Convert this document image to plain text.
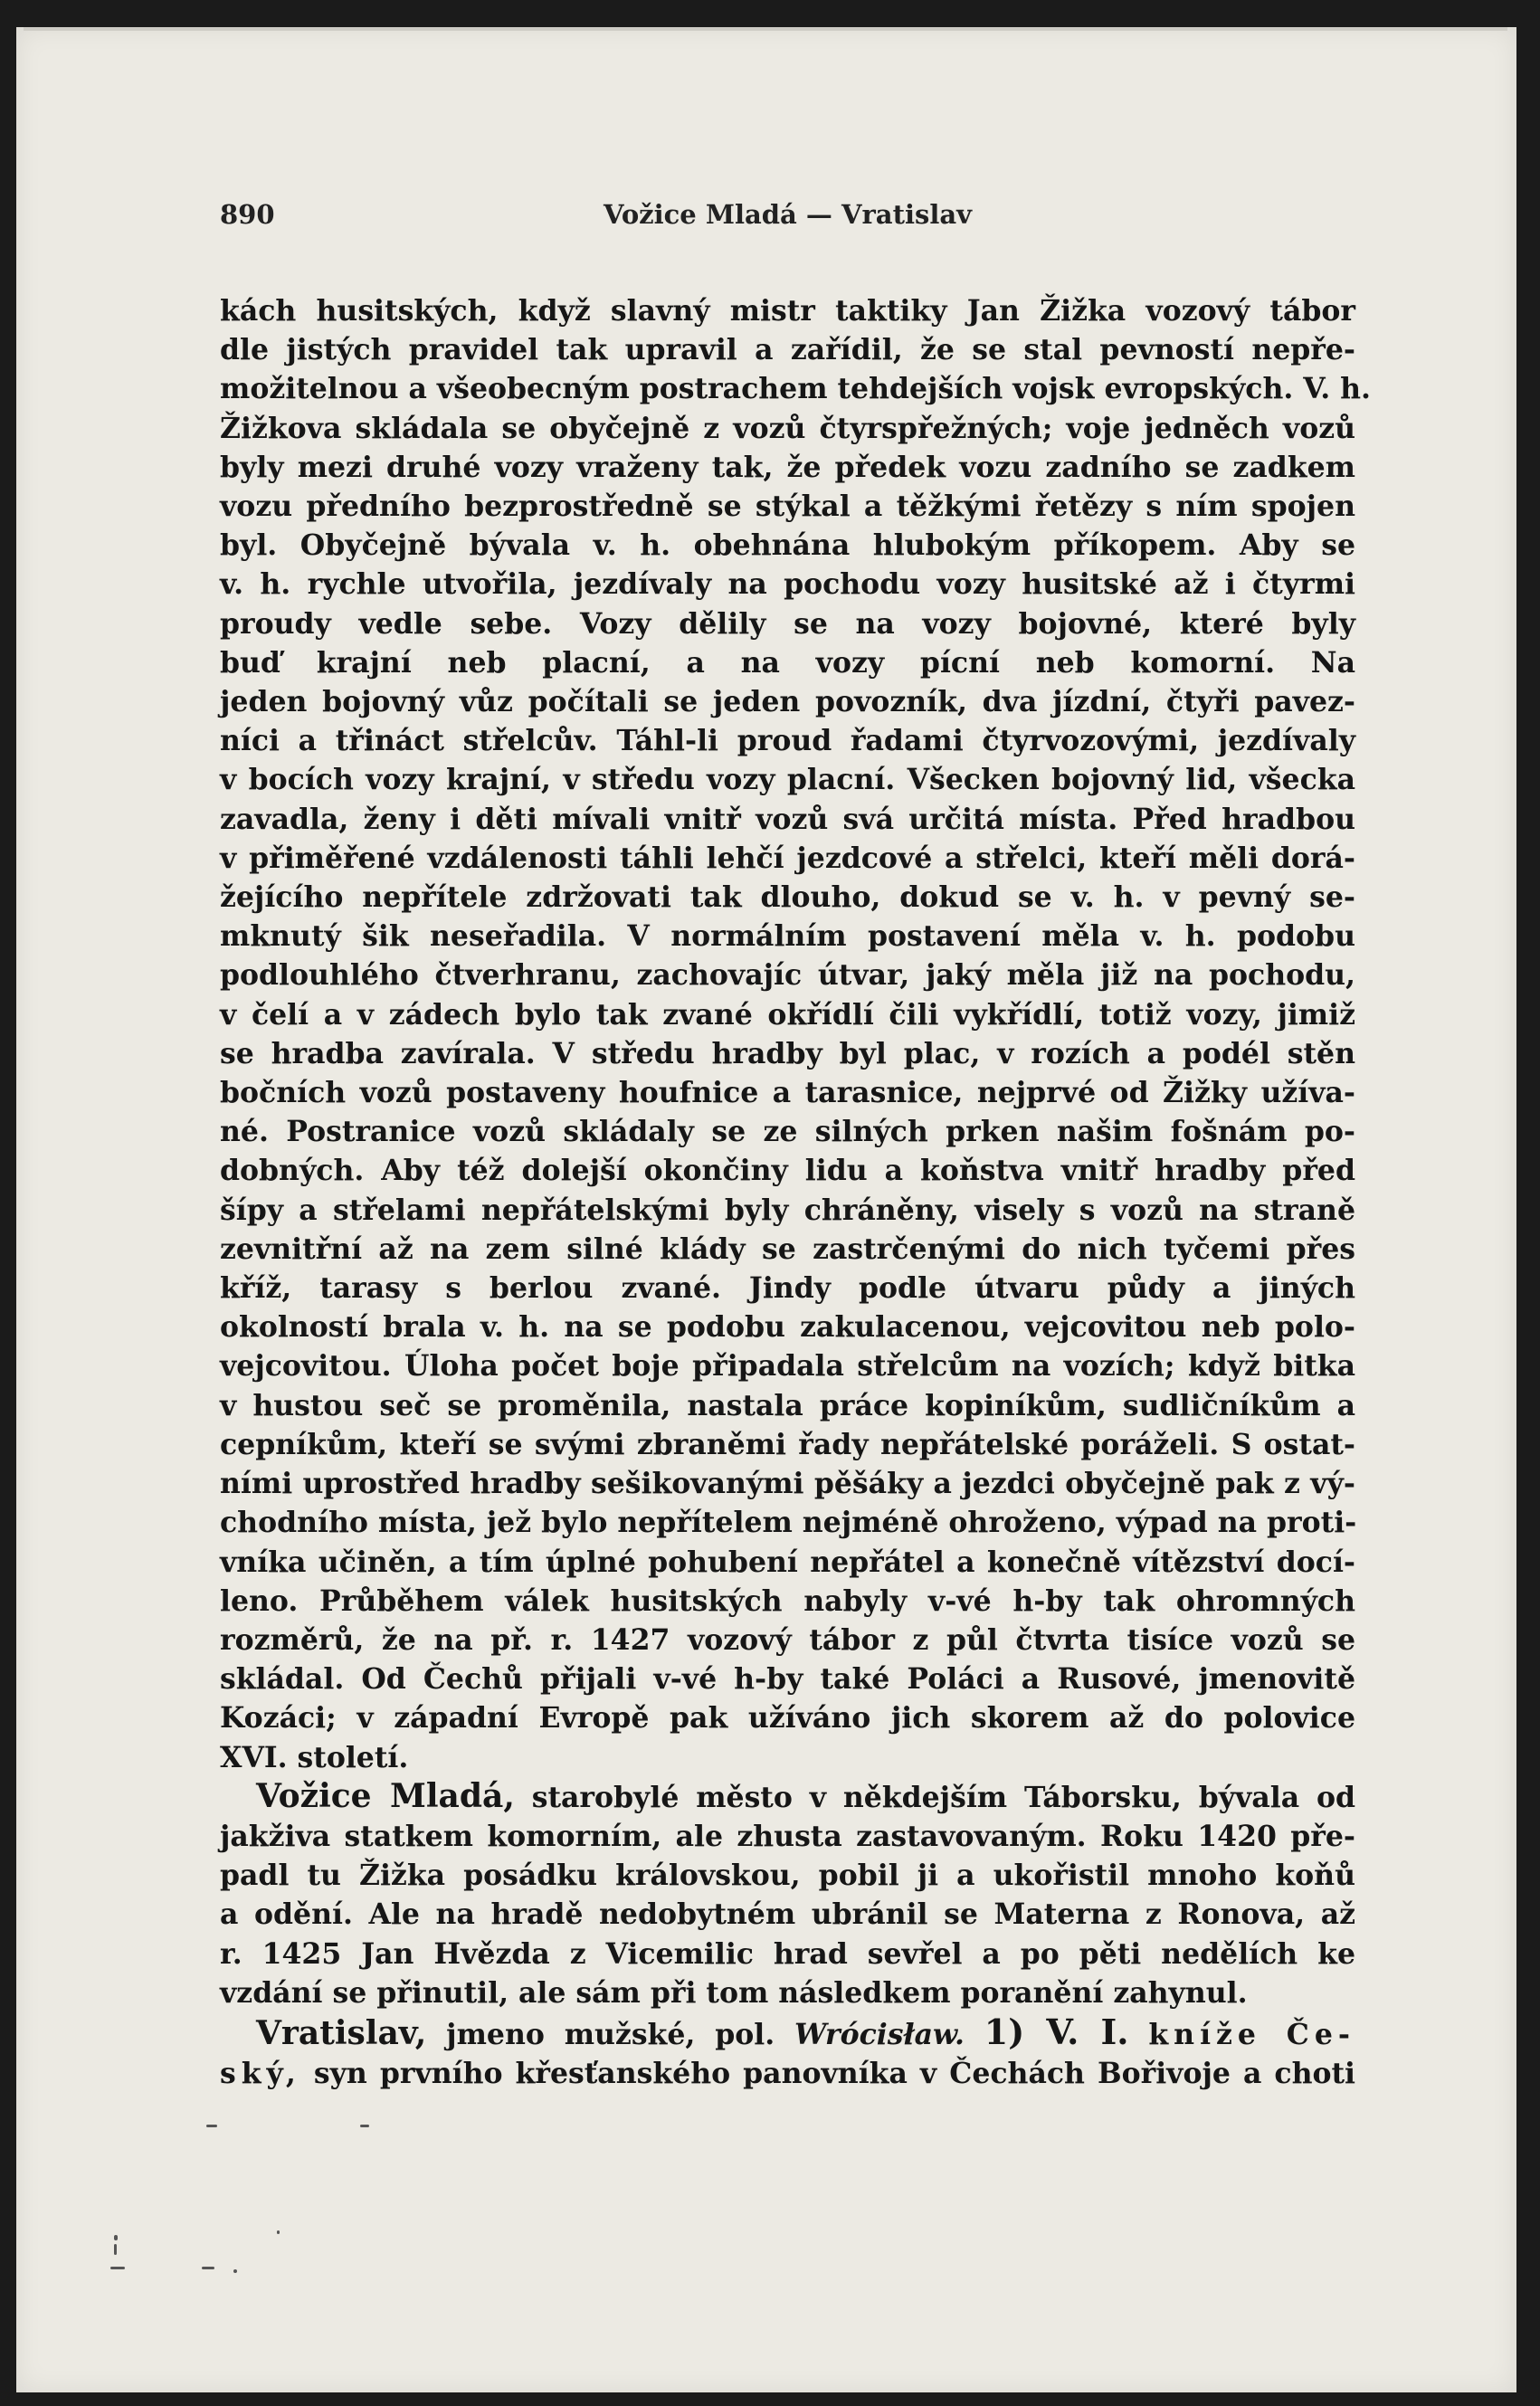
890	Vožice Mladá — Vratislav

kách husitských, když slavný mistr taktiky Jan Žižka vozový tábor
dle jistých pravidel tak upravil a zařídil, že se stal pevností nepře-
možitelnou a všeobecným postrachem tehdejších vojsk evropských. V. h.
Žižkova skládala se obyčejně z vozů čtyrspřežných; voje jedněch vozů
byly mezi druhé vozy vraženy tak, že předek vozu zadního se zadkem
vozu předního bezprostředně se stýkal a těžkými řetězy s ním spojen
byl. Obyčejně bývala v. h. obehnána hlubokým příkopem. Aby se
v. h. rychle utvořila, jezdívaly na pochodu vozy husitské až i čtyrmi
proudy vedle sebe. Vozy dělily se na vozy bojovné, které byly
buď krajní neb placní, a na vozy pícní neb komorní. Na
jeden bojovný vůz počítali se jeden povozník, dva jízdní, čtyři pavez-
níci a třináct střelcův. Táhl-li proud řadami čtyrvozovými, jezdívaly
v bocích vozy krajní, v středu vozy placní. Všecken bojovný lid, všecka
zavadla, ženy i děti mívali vnitř vozů svá určitá místa. Před hradbou
v přiměřené vzdálenosti táhli lehčí jezdcové a střelci, kteří měli dorá-
žejícího nepřítele zdržovati tak dlouho, dokud se v. h. v pevný se-
mknutý šik neseřadila. V normálním postavení měla v. h. podobu
podlouhlého čtverhranu, zachovajíc útvar, jaký měla již na pochodu,
v čelí a v zádech bylo tak zvané okřídlí čili vykřídlí, totiž vozy, jimiž
se hradba zavírala. V středu hradby byl plac, v rozích a podél stěn
bočních vozů postaveny houfnice a tarasnice, nejprvé od Žižky užíva-
né. Postranice vozů skládaly se ze silných prken našim fošnám po-
dobných. Aby též dolejší okončiny lidu a koňstva vnitř hradby před
šípy a střelami nepřátelskými byly chráněny, visely s vozů na straně
zevnitřní až na zem silné klády se zastrčenými do nich tyčemi přes
kříž, tarasy s berlou zvané. Jindy podle útvaru půdy a jiných
okolností brala v. h. na se podobu zakulacenou, vejcovitou neb polo-
vejcovitou. Úloha počet boje připadala střelcům na vozích; když bitka
v hustou seč se proměnila, nastala práce kopiníkům, sudličníkům a
cepníkům, kteří se svými zbraněmi řady nepřátelské poráželi. S ostat-
ními uprostřed hradby sešikovanými pěšáky a jezdci obyčejně pak z vý-
chodního místa, jež bylo nepřítelem nejméně ohroženo, výpad na proti-
vníka učiněn, a tím úplné pohubení nepřátel a konečně vítězství docí-
leno. Průběhem válek husitských nabyly v-vé h-by tak ohromných
rozměrů, že na př. r. 1427 vozový tábor z půl čtvrta tisíce vozů se
skládal. Od Čechů přijali v-vé h-by také Poláci a Rusové, jmenovitě
Kozáci; v západní Evropě pak užíváno jich skorem až do polovice
XVI. století.

Vožice Mladá, starobylé město v někdejším Táborsku, bývala od
jakživa statkem komorním, ale zhusta zastavovaným. Roku 1420 pře-
padl tu Žižka posádku královskou, pobil ji a ukořistil mnoho koňů
a odění. Ale na hradě nedobytném ubránil se Materna z Ronova, až
r. 1425 Jan Hvězda z Vicemilic hrad sevřel a po pěti nedělích ke
vzdání se přinutil, ale sám při tom následkem poranění zahynul.

Vratislav, jmeno mužské, pol. Wrócisław. 1) V. I. kníže Če-
ský, syn prvního křesťanského panovníka v Čechách Bořivoje a choti
